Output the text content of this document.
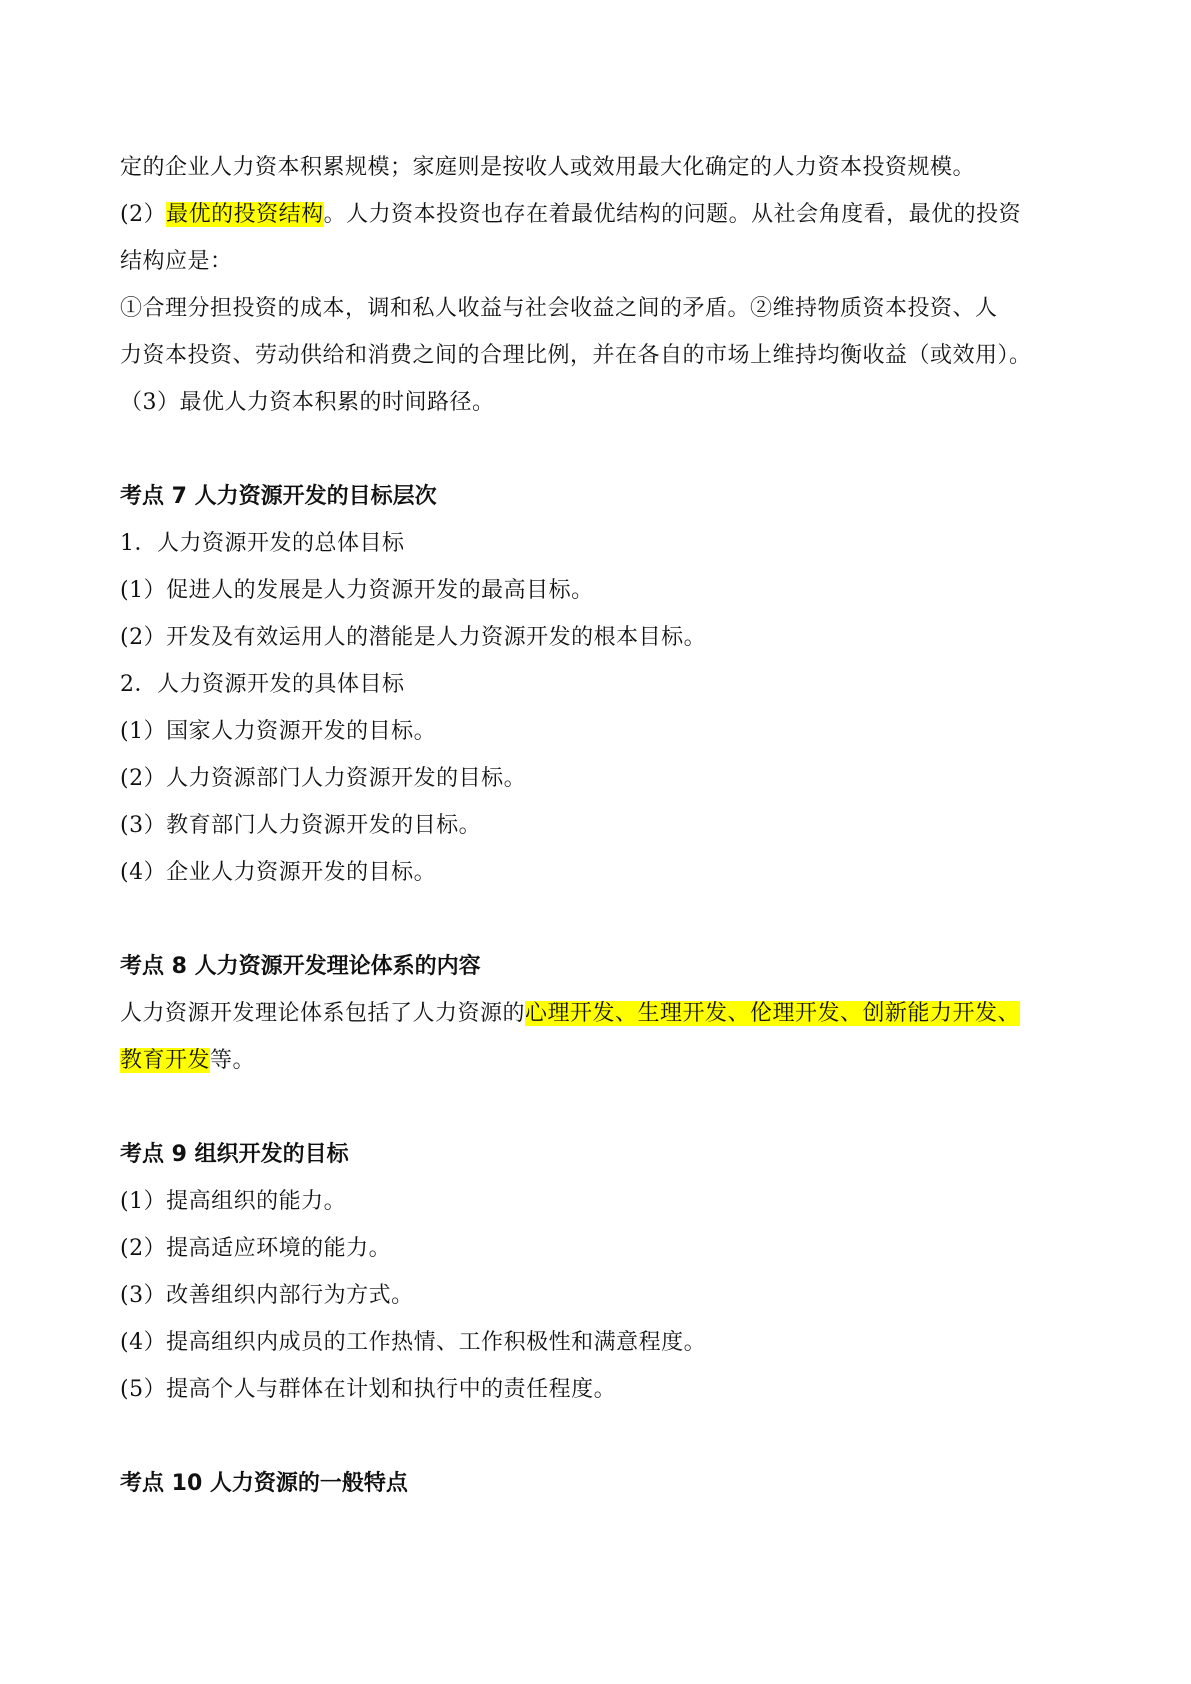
定的企业人力资本积累规模；家庭则是按收人或效用最大化确定的人力资本投资规模。
(2）最优的投资结构。人力资本投资也存在着最优结构的问题。从社会角度看，最优的投资
结构应是：
①合理分担投资的成本，调和私人收益与社会收益之间的矛盾。②维持物质资本投资、人
力资本投资、劳动供给和消费之间的合理比例，并在各自的市场上维持均衡收益（或效用）。
（3）最优人力资本积累的时间路径。
考点 7 人力资源开发的目标层次
1．人力资源开发的总体目标
(1）促进人的发展是人力资源开发的最高目标。
(2）开发及有效运用人的潜能是人力资源开发的根本目标。
2．人力资源开发的具体目标
(1）国家人力资源开发的目标。
(2）人力资源部门人力资源开发的目标。
(3）教育部门人力资源开发的目标。
(4）企业人力资源开发的目标。
考点 8 人力资源开发理论体系的内容
人力资源开发理论体系包括了人力资源的心理开发、生理开发、伦理开发、创新能力开发、
教育开发等。
考点 9 组织开发的目标
(1）提高组织的能力。
(2）提高适应环境的能力。
(3）改善组织内部行为方式。
(4）提高组织内成员的工作热情、工作积极性和满意程度。
(5）提高个人与群体在计划和执行中的责任程度。
考点 10 人力资源的一般特点
